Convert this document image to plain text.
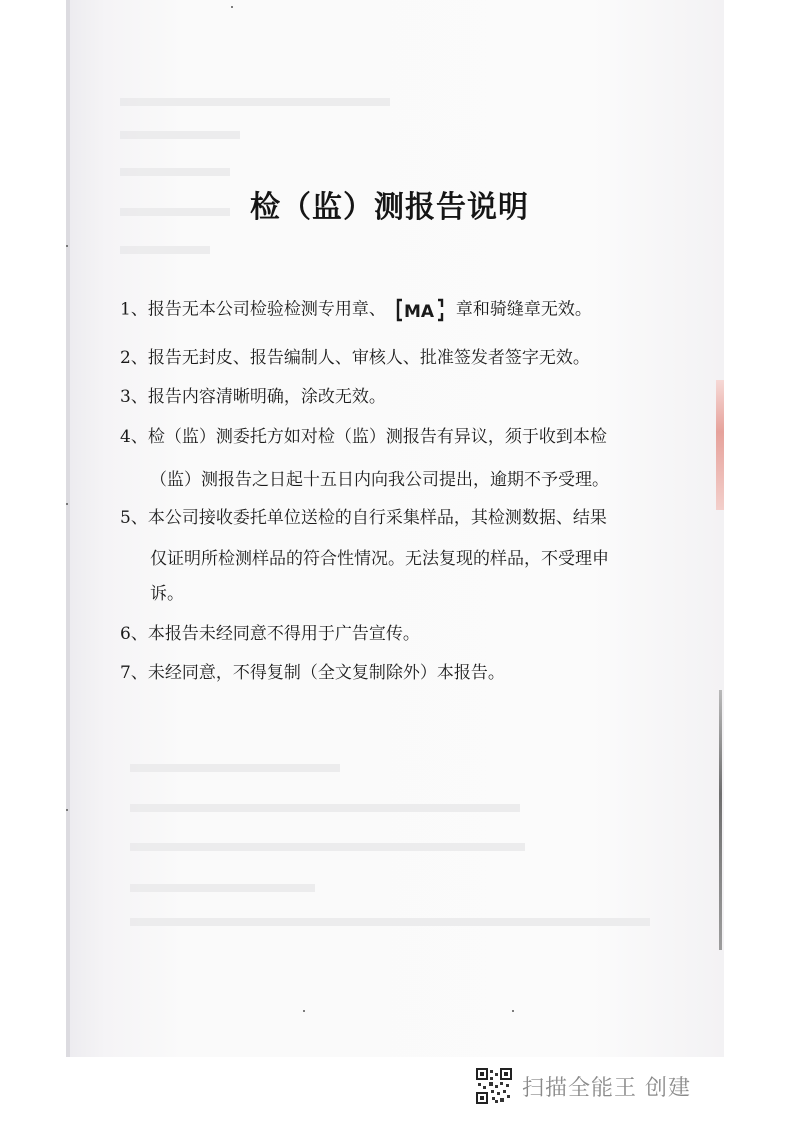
检（监）测报告说明
1、报告无本公司检验检测专用章、 MA 章和骑缝章无效。
2、报告无封皮、报告编制人、审核人、批准签发者签字无效。
3、报告内容清晰明确，涂改无效。
4、检（监）测委托方如对检（监）测报告有异议，须于收到本检
（监）测报告之日起十五日内向我公司提出，逾期不予受理。
5、本公司接收委托单位送检的自行采集样品，其检测数据、结果
仅证明所检测样品的符合性情况。无法复现的样品，不受理申
诉。
6、本报告未经同意不得用于广告宣传。
7、未经同意，不得复制（全文复制除外）本报告。
扫描全能王 创建
